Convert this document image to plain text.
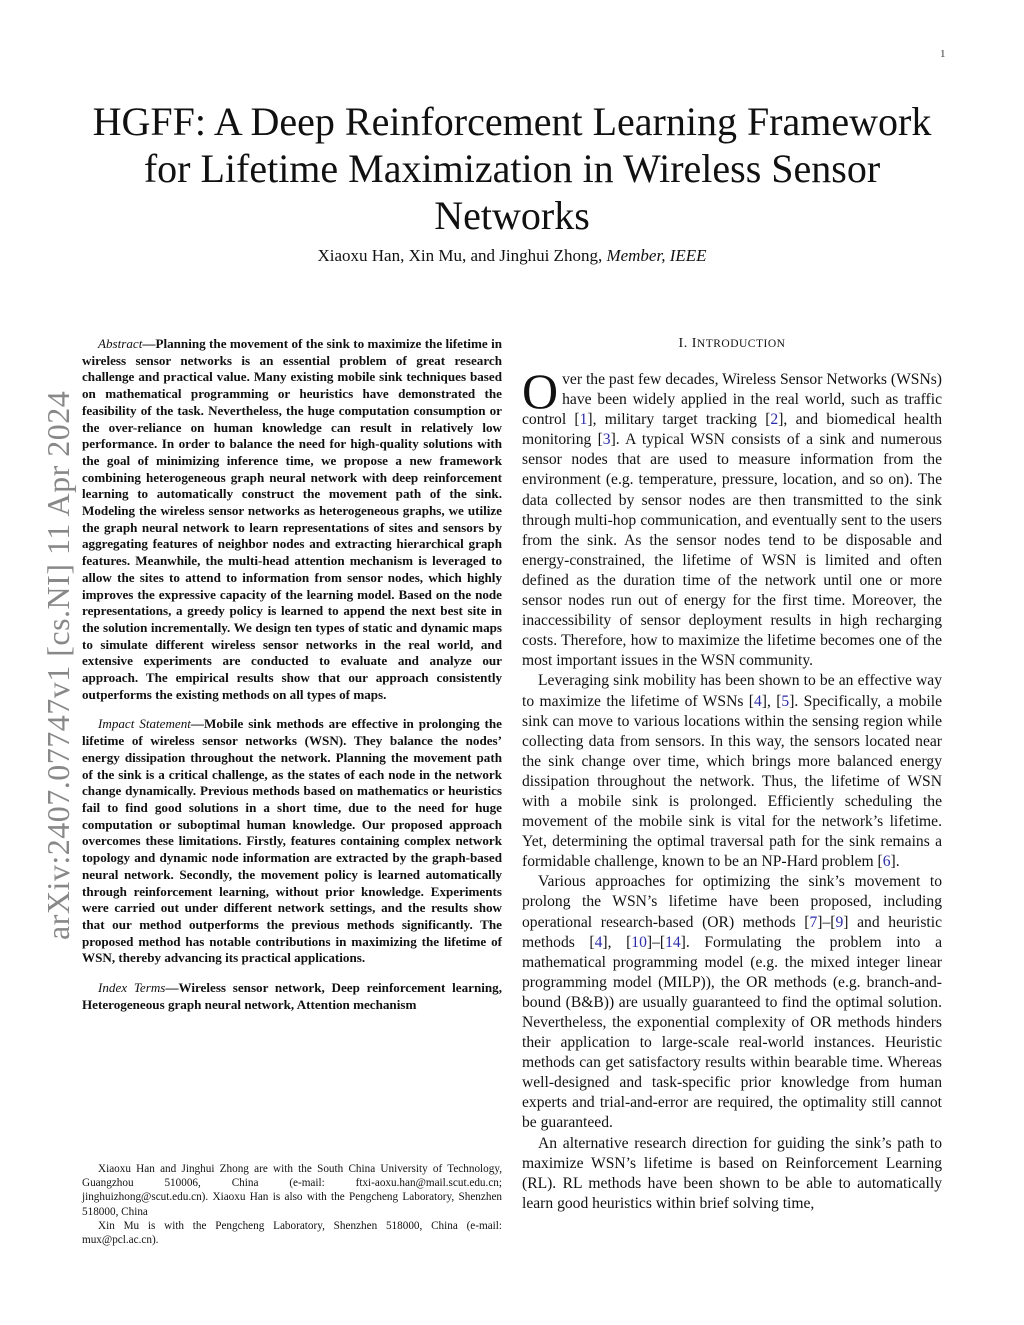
1
arXiv:2407.07747v1 [cs.NI] 11 Apr 2024
HGFF: A Deep Reinforcement Learning Framework for Lifetime Maximization in Wireless Sensor Networks
Xiaoxu Han, Xin Mu, and Jinghui Zhong, Member, IEEE

Abstract—Planning the movement of the sink to maximize the lifetime in wireless sensor networks is an essential problem of great research challenge and practical value. Many existing mobile sink techniques based on mathematical programming or heuristics have demonstrated the feasibility of the task. Nevertheless, the huge computation consumption or the over-reliance on human knowledge can result in relatively low performance. In order to balance the need for high-quality solutions with the goal of minimizing inference time, we propose a new framework combining heterogeneous graph neural network with deep reinforcement learning to automatically construct the movement path of the sink. Modeling the wireless sensor networks as heterogeneous graphs, we utilize the graph neural network to learn representations of sites and sensors by aggregating features of neighbor nodes and extracting hierarchical graph features. Meanwhile, the multi-head attention mechanism is leveraged to allow the sites to attend to information from sensor nodes, which highly improves the expressive capacity of the learning model. Based on the node representations, a greedy policy is learned to append the next best site in the solution incrementally. We design ten types of static and dynamic maps to simulate different wireless sensor networks in the real world, and extensive experiments are conducted to evaluate and analyze our approach. The empirical results show that our approach consistently outperforms the existing methods on all types of maps.

Impact Statement—Mobile sink methods are effective in prolonging the lifetime of wireless sensor networks (WSN). They balance the nodes’ energy dissipation throughout the network. Planning the movement path of the sink is a critical challenge, as the states of each node in the network change dynamically. Previous methods based on mathematics or heuristics fail to find good solutions in a short time, due to the need for huge computation or suboptimal human knowledge. Our proposed approach overcomes these limitations. Firstly, features containing complex network topology and dynamic node information are extracted by the graph-based neural network. Secondly, the movement policy is learned automatically through reinforcement learning, without prior knowledge. Experiments were carried out under different network settings, and the results show that our method outperforms the previous methods significantly. The proposed method has notable contributions in maximizing the lifetime of WSN, thereby advancing its practical applications.

Index Terms—Wireless sensor network, Deep reinforcement learning, Heterogeneous graph neural network, Attention mechanism

Xiaoxu Han and Jinghui Zhong are with the South China University of Technology, Guangzhou 510006, China (e-mail: ftxi-aoxu.han@mail.scut.edu.cn; jinghuizhong@scut.edu.cn). Xiaoxu Han is also with the Pengcheng Laboratory, Shenzhen 518000, China

Xin Mu is with the Pengcheng Laboratory, Shenzhen 518000, China (e-mail: mux@pcl.ac.cn).

I. INTRODUCTION

Over the past few decades, Wireless Sensor Networks (WSNs) have been widely applied in the real world, such as traffic control [1], military target tracking [2], and biomedical health monitoring [3]. A typical WSN consists of a sink and numerous sensor nodes that are used to measure information from the environment (e.g. temperature, pressure, location, and so on). The data collected by sensor nodes are then transmitted to the sink through multi-hop communication, and eventually sent to the users from the sink. As the sensor nodes tend to be disposable and energy-constrained, the lifetime of WSN is limited and often defined as the duration time of the network until one or more sensor nodes run out of energy for the first time. Moreover, the inaccessibility of sensor deployment results in high recharging costs. Therefore, how to maximize the lifetime becomes one of the most important issues in the WSN community.

Leveraging sink mobility has been shown to be an effective way to maximize the lifetime of WSNs [4], [5]. Specifically, a mobile sink can move to various locations within the sensing region while collecting data from sensors. In this way, the sensors located near the sink change over time, which brings more balanced energy dissipation throughout the network. Thus, the lifetime of WSN with a mobile sink is prolonged. Efficiently scheduling the movement of the mobile sink is vital for the network’s lifetime. Yet, determining the optimal traversal path for the sink remains a formidable challenge, known to be an NP-Hard problem [6].

Various approaches for optimizing the sink’s movement to prolong the WSN’s lifetime have been proposed, including operational research-based (OR) methods [7]–[9] and heuristic methods [4], [10]–[14]. Formulating the problem into a mathematical programming model (e.g. the mixed integer linear programming model (MILP)), the OR methods (e.g. branch-and-bound (B&B)) are usually guaranteed to find the optimal solution. Nevertheless, the exponential complexity of OR methods hinders their application to large-scale real-world instances. Heuristic methods can get satisfactory results within bearable time. Whereas well-designed and task-specific prior knowledge from human experts and trial-and-error are required, the optimality still cannot be guaranteed.

An alternative research direction for guiding the sink’s path to maximize WSN’s lifetime is based on Reinforcement Learning (RL). RL methods have been shown to be able to automatically learn good heuristics within brief solving time,
